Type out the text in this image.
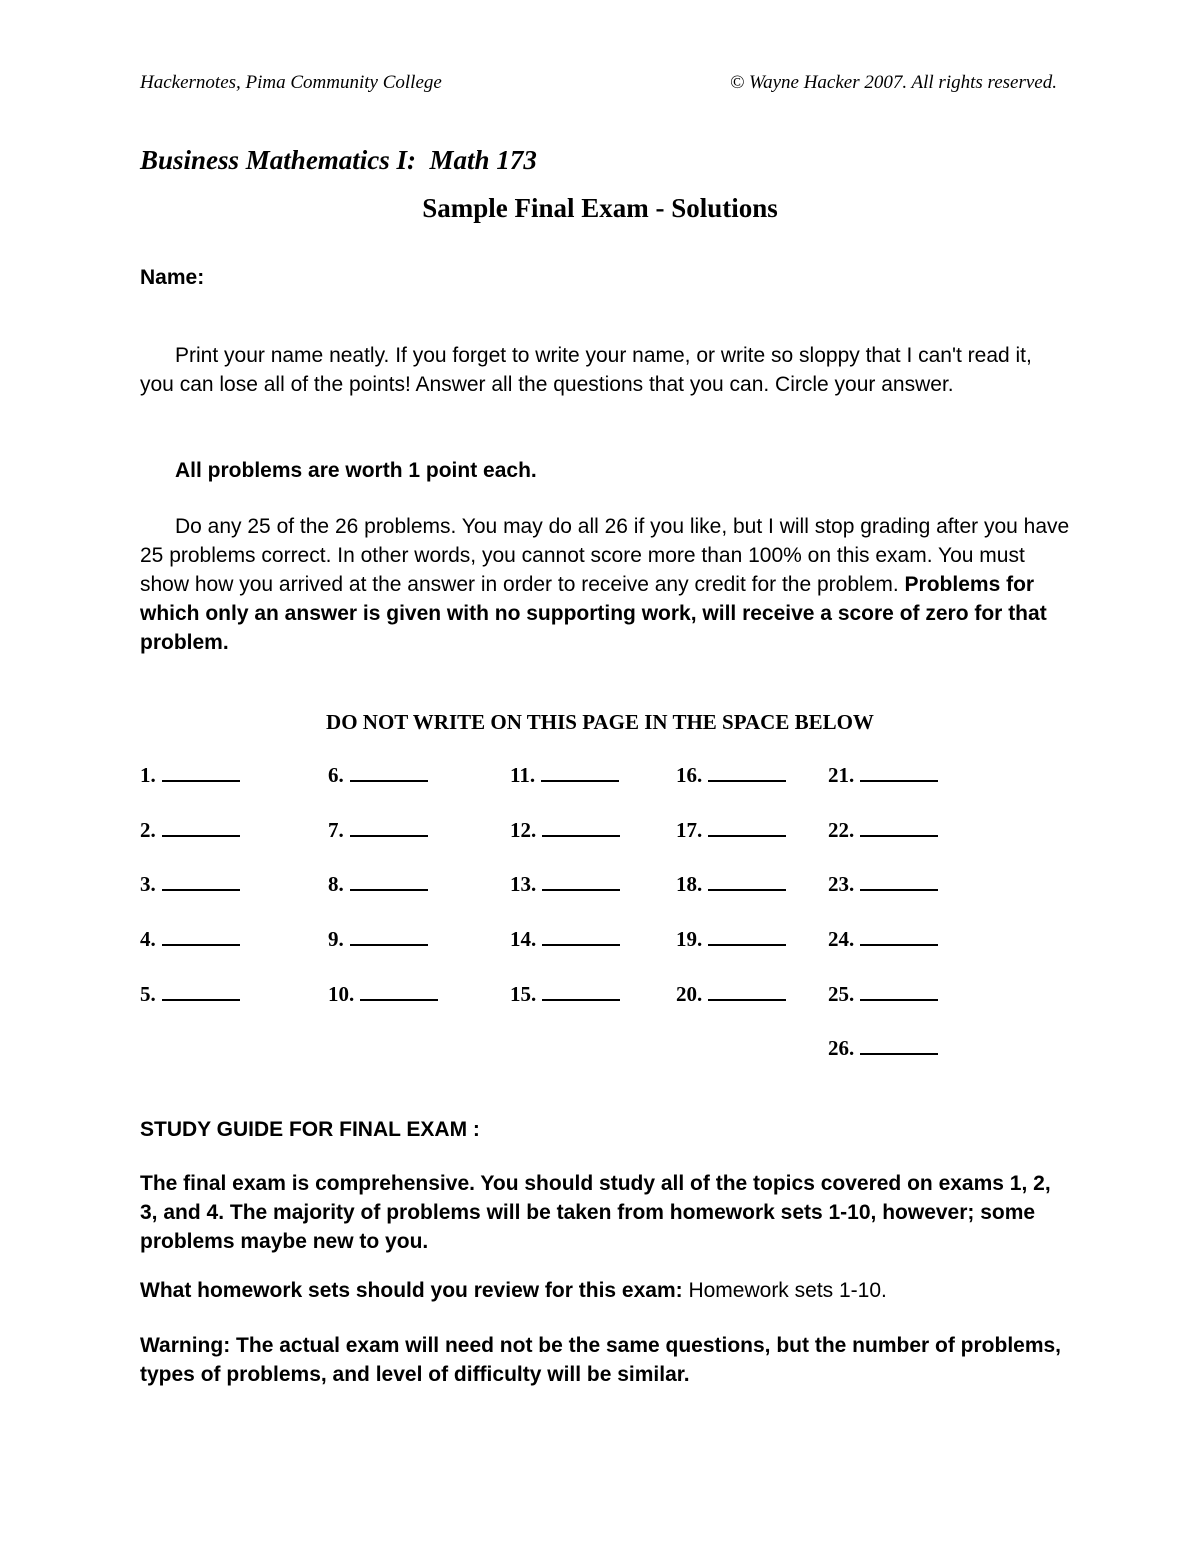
Hackernotes, Pima Community College	© Wayne Hacker 2007. All rights reserved.
Business Mathematics I:  Math 173
Sample Final Exam - Solutions
Name:
Print your name neatly. If you forget to write your name, or write so sloppy that I can't read it, you can lose all of the points! Answer all the questions that you can. Circle your answer.
All problems are worth 1 point each.
Do any 25 of the 26 problems. You may do all 26 if you like, but I will stop grading after you have 25 problems correct. In other words, you cannot score more than 100% on this exam. You must show how you arrived at the answer in order to receive any credit for the problem. Problems for which only an answer is given with no supporting work, will receive a score of zero for that problem.
DO NOT WRITE ON THIS PAGE IN THE SPACE BELOW
1.
2.
3.
4.
5.
6.
7.
8.
9.
10.
11.
12.
13.
14.
15.
16.
17.
18.
19.
20.
21.
22.
23.
24.
25.
26.
STUDY GUIDE FOR FINAL EXAM :
The final exam is comprehensive. You should study all of the topics covered on exams 1, 2, 3, and 4. The majority of problems will be taken from homework sets 1-10, however; some problems maybe new to you.
What homework sets should you review for this exam: Homework sets 1-10.
Warning: The actual exam will need not be the same questions, but the number of problems, types of problems, and level of difficulty will be similar.
